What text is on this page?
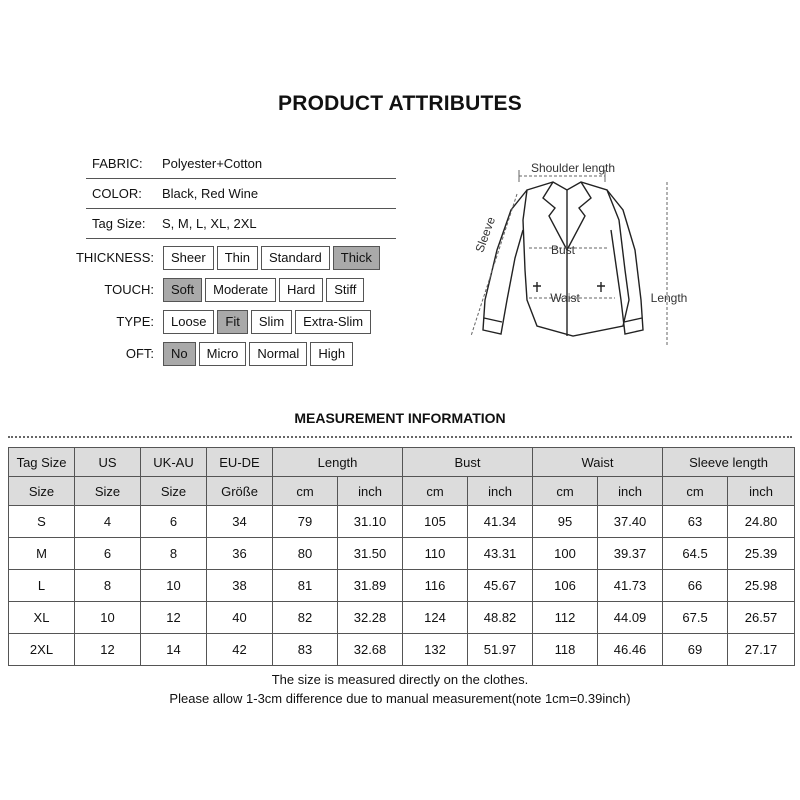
PRODUCT ATTRIBUTES
FABRIC: Polyester+Cotton
COLOR: Black, Red Wine
Tag Size: S, M, L, XL, 2XL
THICKNESS:	Sheer	Thin	Standard	Thick
TOUCH:	Soft	Moderate	Hard	Stiff
TYPE:	Loose	Fit	Slim	Extra-Slim
OFT:	No	Micro	Normal	High
Shoulder length
Sleeve	Bust
Waist	Length
MEASUREMENT INFORMATION
Tag Size	US	UK-AU	EU-DE	Length		Bust		Waist		Sleeve length	
Size	Size	Size	Größe	cm	inch	cm	inch	cm	inch	cm	inch
S	4	6	34	79	31.10	105	41.34	95	37.40	63	24.80
M	6	8	36	80	31.50	110	43.31	100	39.37	64.5	25.39
L	8	10	38	81	31.89	116	45.67	106	41.73	66	25.98
XL	10	12	40	82	32.28	124	48.82	112	44.09	67.5	26.57
2XL	12	14	42	83	32.68	132	51.97	118	46.46	69	27.17
The size is measured directly on the clothes.
Please allow 1-3cm difference due to manual measurement(note 1cm=0.39inch)
